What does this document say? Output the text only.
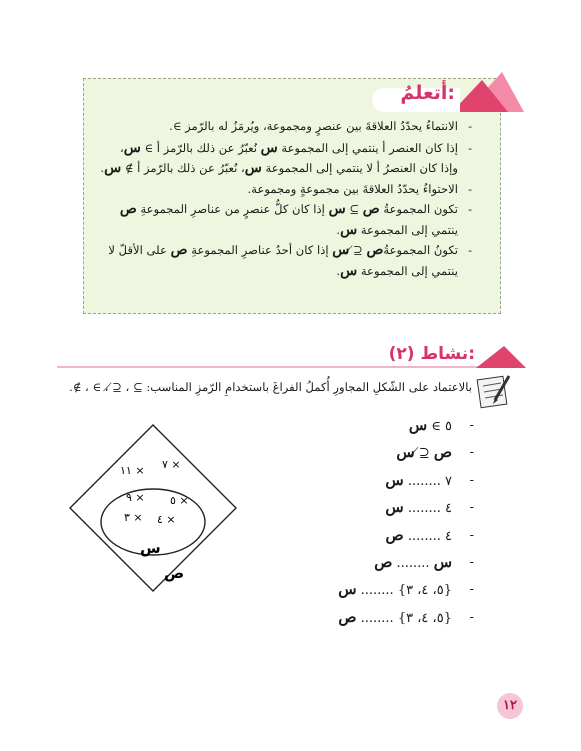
أتعلمُ:
- الانتماءُ يحدّدُ العلاقةَ بين عنصرٍ ومجموعة، ويُرمَزُ له بالرّمز ∋.
- إذا كان العنصر أ ينتمي إلى المجموعة س نُعبّرُ عن ذلك بالرّمز أ ∋ س،
وإذا كان العنصرُ أ لا ينتمي إلى المجموعة س، نُعبّرُ عن ذلك بالرّمز أ ∌ س.
- الاحتواءُ يحدّدُ العلاقةَ بين مجموعةٍ ومجموعة.
- تكون المجموعةُ ص ⊇ س إذا كان كلُّ عنصرٍ من عناصرِ المجموعةِ ص ينتمي إلى المجموعة س.
- تكونُ المجموعةُص ⊉ س إذا كان أحدُ عناصرِ المجموعةِ ص على الأقلّ لا ينتمي إلى المجموعة س.
نشاط (٢):
بالاعتماد على الشّكلِ المجاورِ أُكملُ الفراغَ باستخدامِ الرّمزِ المناسب: ⊇ ، ⊉ ، ∋ ، ∌.
- ٥ ∋ س
- ص ⊉ س
- ٧ ........ س
- ٤ ........ س
- ٤ ........ ص
- س ........ ص
- {٥، ٤، ٣} ........ س
- {٥، ٤، ٣} ........ ص
١١ × ٧ ×
٩ × ٥ ×
٣ × ٤ ×
س
ص
١٢
